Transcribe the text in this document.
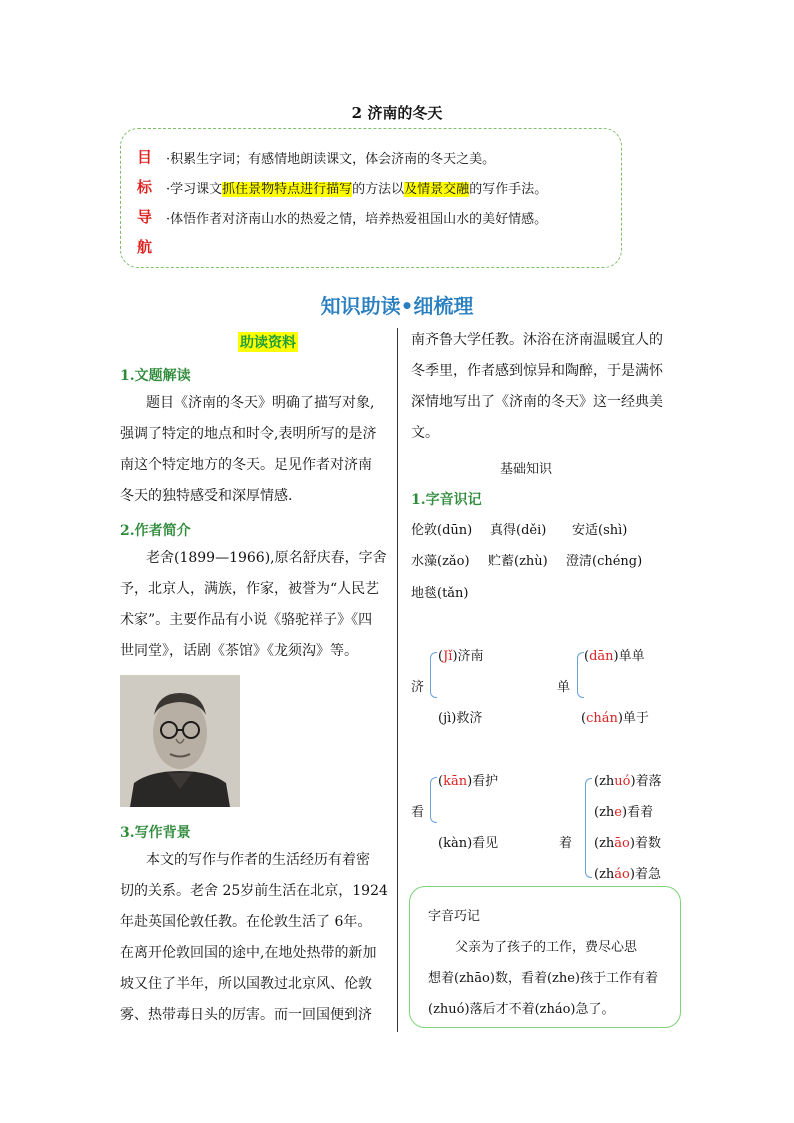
2 济南的冬天
目
标
导
航
·积累生字词；有感情地朗读课文，体会济南的冬天之美。
·学习课文抓住景物特点进行描写的方法以及情景交融的写作手法。
·体悟作者对济南山水的热爱之情，培养热爱祖国山水的美好情感。
知识助读•细梳理
助读资料
1.文题解读
题目《济南的冬天》明确了描写对象,
强调了特定的地点和时令,表明所写的是济
南这个特定地方的冬天。足见作者对济南
冬天的独特感受和深厚情感.
2.作者简介
老舍(1899—1966),原名舒庆春，字舍
予，北京人，满族，作家，被誉为“人民艺
术家”。主要作品有小说《骆驼祥子》《四
世同堂》，话剧《茶馆》《龙须沟》等。
3.写作背景
本文的写作与作者的生活经历有着密
切的关系。老舍 25岁前生活在北京，1924
年赴英国伦敦任教。在伦敦生活了 6年。
在离开伦敦回国的途中,在地处热带的新加
坡又住了半年，所以国教过北京风、伦敦
雾、热带毒日头的厉害。而一回国便到济
南齐鲁大学任教。沐浴在济南温暖宜人的
冬季里，作者感到惊异和陶醉，于是满怀
深情地写出了《济南的冬天》这一经典美
文。
基础知识
1.字音识记
伦敦(dūn) 真得(děi) 安适(shì)
水藻(zǎo) 贮蓄(zhù) 澄清(chéng)
地毯(tǎn)
济
(Jǐ)济南
(jì)救济
单
(dān)单单
(chán)单于
看
(kān)看护
(kàn)看见	着
(zhuó)着落
(zhe)看着
(zhāo)着数
(zháo)着急
字音巧记
父亲为了孩子的工作，费尽心思
想着(zhāo)数，看着(zhe)孩于工作有着
(zhuó)落后才不着(zháo)急了。
